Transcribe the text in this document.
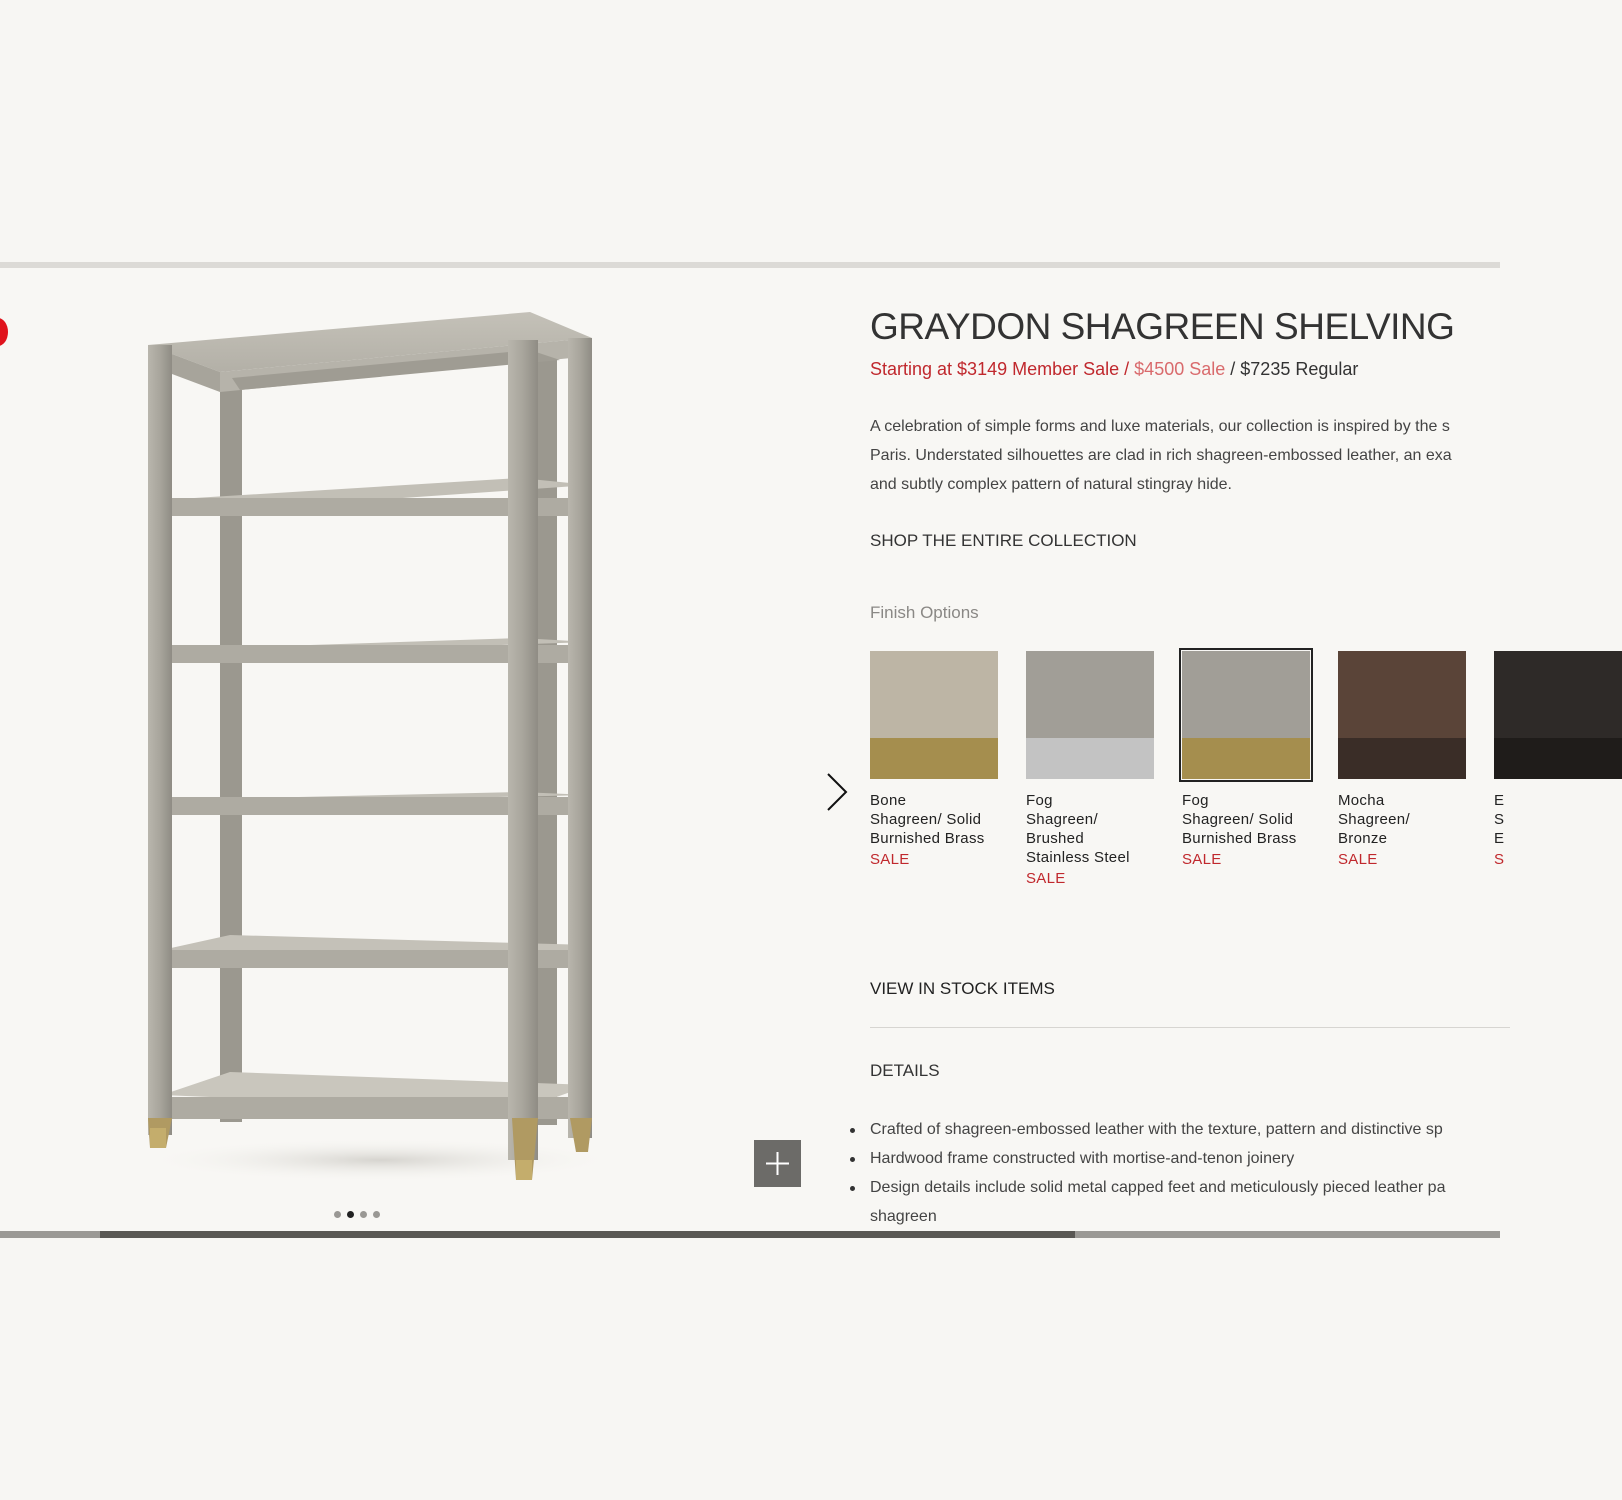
GRAYDON SHAGREEN SHELVING
Starting at $3149 Member Sale / $4500 Sale / $7235 Regular
A celebration of simple forms and luxe materials, our collection is inspired by the s
Paris. Understated silhouettes are clad in rich shagreen-embossed leather, an exa
and subtly complex pattern of natural stingray hide.
SHOP THE ENTIRE COLLECTION
Finish Options
Bone
Shagreen/ Solid
Burnished Brass
SALE
Fog
Shagreen/
Brushed
Stainless Steel
SALE
Fog
Shagreen/ Solid
Burnished Brass
SALE
Mocha
Shagreen/
Bronze
SALE
E
S
E
S
VIEW IN STOCK ITEMS
DETAILS
Crafted of shagreen-embossed leather with the texture, pattern and distinctive sp
Hardwood frame constructed with mortise-and-tenon joinery
Design details include solid metal capped feet and meticulously pieced leather pa
shagreen
